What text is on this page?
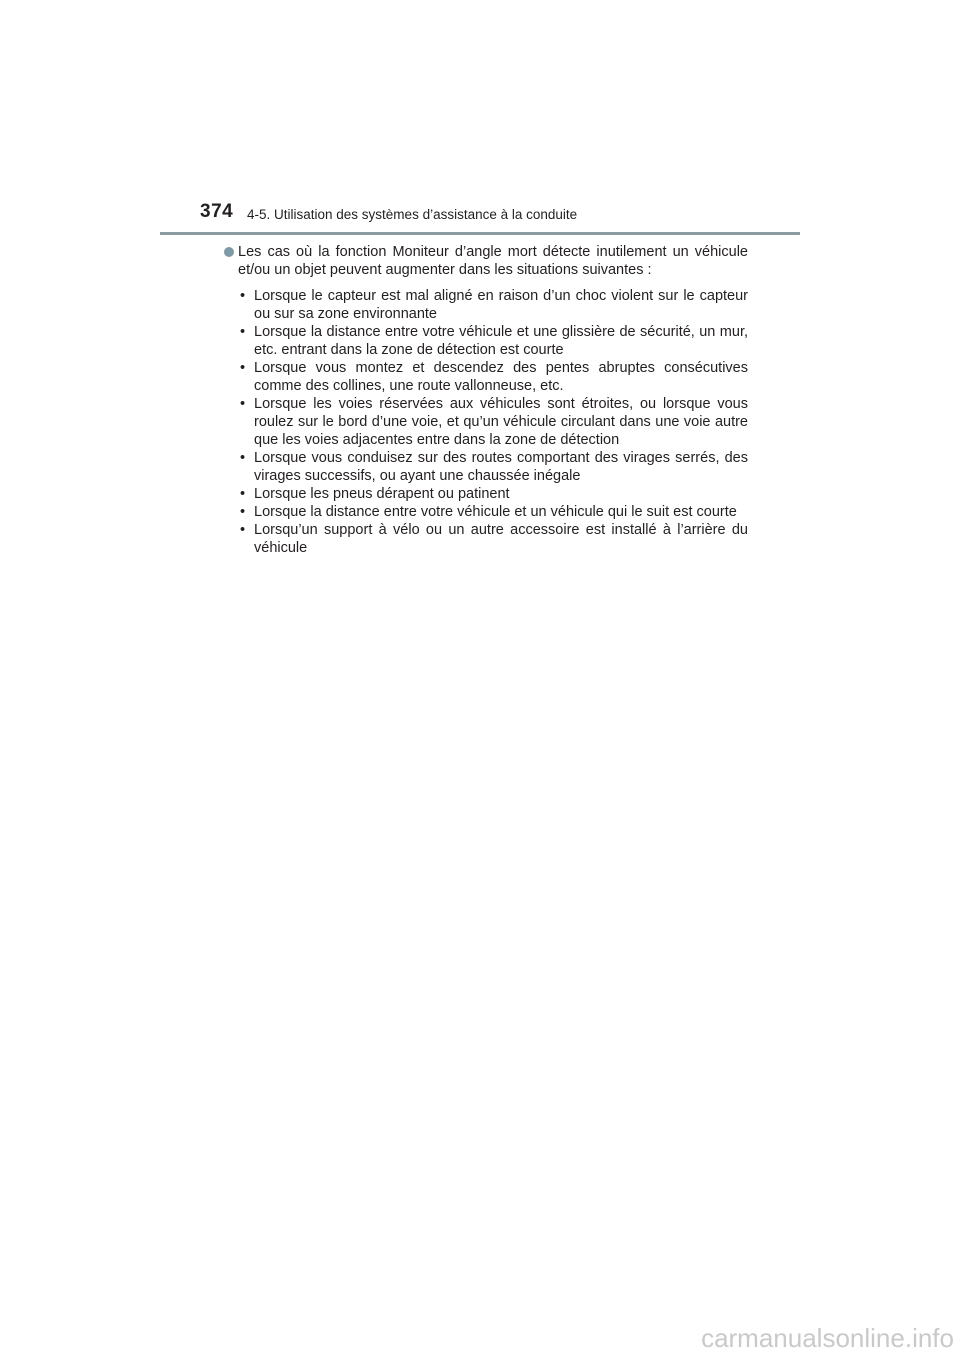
374 4-5. Utilisation des systèmes d’assistance à la conduite

Les cas où la fonction Moniteur d’angle mort détecte inutilement un véhicule et/ou un objet peuvent augmenter dans les situations suivantes :

• Lorsque le capteur est mal aligné en raison d’un choc violent sur le capteur ou sur sa zone environnante
• Lorsque la distance entre votre véhicule et une glissière de sécurité, un mur, etc. entrant dans la zone de détection est courte
• Lorsque vous montez et descendez des pentes abruptes consécutives comme des collines, une route vallonneuse, etc.
• Lorsque les voies réservées aux véhicules sont étroites, ou lorsque vous roulez sur le bord d’une voie, et qu’un véhicule circulant dans une voie autre que les voies adjacentes entre dans la zone de détection
• Lorsque vous conduisez sur des routes comportant des virages serrés, des virages successifs, ou ayant une chaussée inégale
• Lorsque les pneus dérapent ou patinent
• Lorsque la distance entre votre véhicule et un véhicule qui le suit est courte
• Lorsqu’un support à vélo ou un autre accessoire est installé à l’arrière du véhicule
carmanualsonline.info
